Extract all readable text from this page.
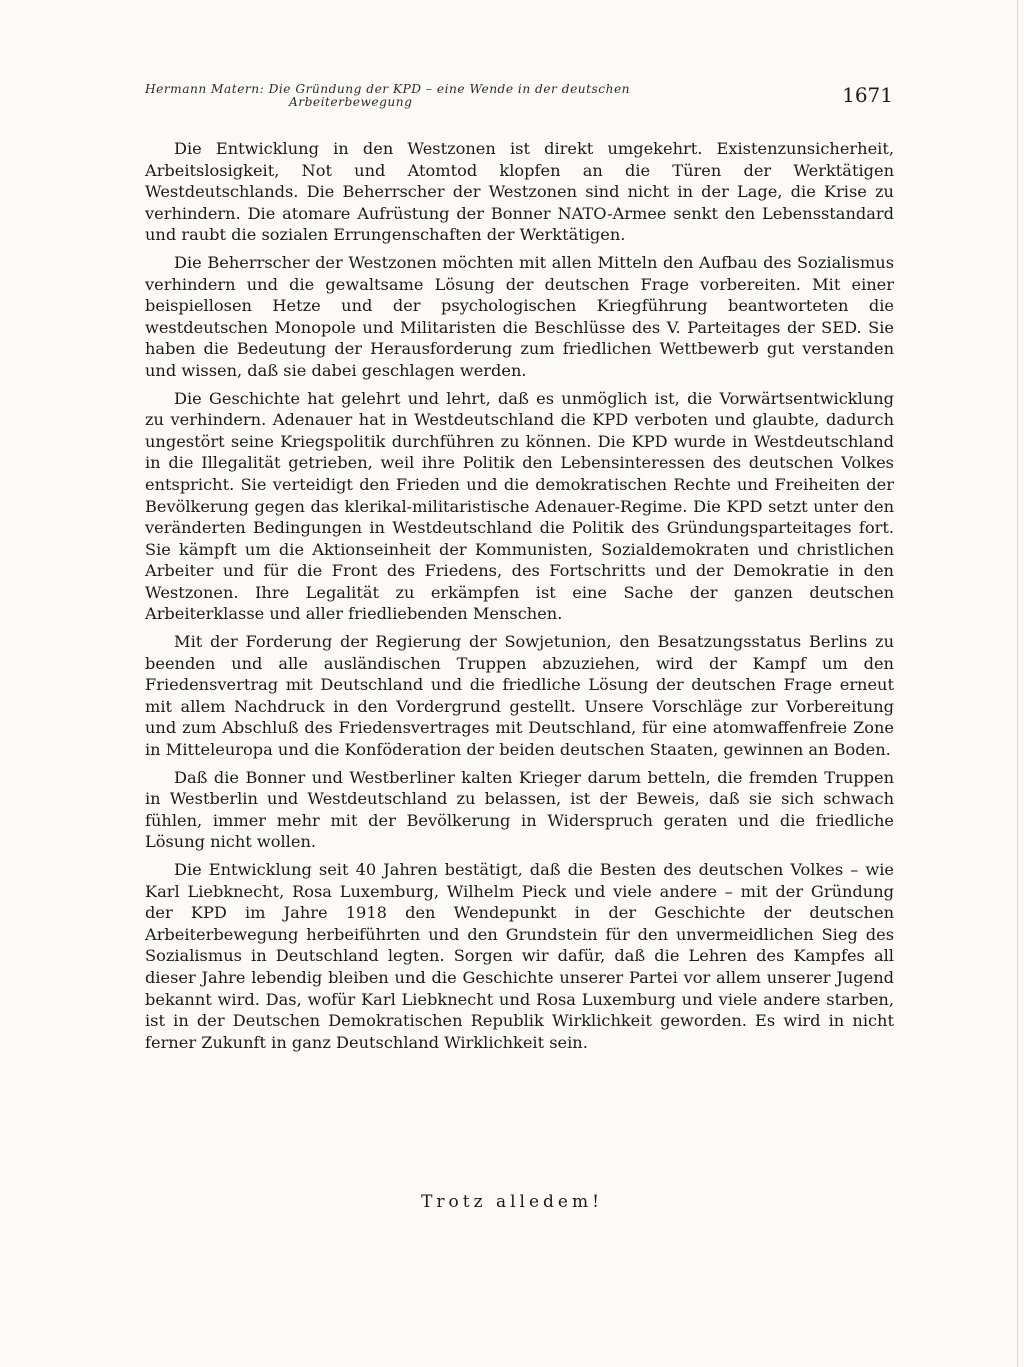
Hermann Matern: Die Gründung der KPD – eine Wende in der deutschen
Arbeiterbewegung	1671

Die Entwicklung in den Westzonen ist direkt umgekehrt. Existenzunsicherheit, Arbeitslosigkeit, Not und Atomtod klopfen an die Türen der Werktätigen Westdeutschlands. Die Beherrscher der Westzonen sind nicht in der Lage, die Krise zu verhindern. Die atomare Aufrüstung der Bonner NATO-Armee senkt den Lebensstandard und raubt die sozialen Errungenschaften der Werktätigen.

Die Beherrscher der Westzonen möchten mit allen Mitteln den Aufbau des Sozialismus verhindern und die gewaltsame Lösung der deutschen Frage vorbereiten. Mit einer beispiellosen Hetze und der psychologischen Kriegführung beantworteten die westdeutschen Monopole und Militaristen die Beschlüsse des V. Parteitages der SED. Sie haben die Bedeutung der Herausforderung zum friedlichen Wettbewerb gut verstanden und wissen, daß sie dabei geschlagen werden.

Die Geschichte hat gelehrt und lehrt, daß es unmöglich ist, die Vorwärtsentwicklung zu verhindern. Adenauer hat in Westdeutschland die KPD verboten und glaubte, dadurch ungestört seine Kriegspolitik durchführen zu können. Die KPD wurde in Westdeutschland in die Illegalität getrieben, weil ihre Politik den Lebensinteressen des deutschen Volkes entspricht. Sie verteidigt den Frieden und die demokratischen Rechte und Freiheiten der Bevölkerung gegen das klerikal-militaristische Adenauer-Regime. Die KPD setzt unter den veränderten Bedingungen in Westdeutschland die Politik des Gründungsparteitages fort. Sie kämpft um die Aktionseinheit der Kommunisten, Sozialdemokraten und christlichen Arbeiter und für die Front des Friedens, des Fortschritts und der Demokratie in den Westzonen. Ihre Legalität zu erkämpfen ist eine Sache der ganzen deutschen Arbeiterklasse und aller friedliebenden Menschen.

Mit der Forderung der Regierung der Sowjetunion, den Besatzungsstatus Berlins zu beenden und alle ausländischen Truppen abzuziehen, wird der Kampf um den Friedensvertrag mit Deutschland und die friedliche Lösung der deutschen Frage erneut mit allem Nachdruck in den Vordergrund gestellt. Unsere Vorschläge zur Vorbereitung und zum Abschluß des Friedensvertrages mit Deutschland, für eine atomwaffenfreie Zone in Mitteleuropa und die Konföderation der beiden deutschen Staaten, gewinnen an Boden.

Daß die Bonner und Westberliner kalten Krieger darum betteln, die fremden Truppen in Westberlin und Westdeutschland zu belassen, ist der Beweis, daß sie sich schwach fühlen, immer mehr mit der Bevölkerung in Widerspruch geraten und die friedliche Lösung nicht wollen.

Die Entwicklung seit 40 Jahren bestätigt, daß die Besten des deutschen Volkes – wie Karl Liebknecht, Rosa Luxemburg, Wilhelm Pieck und viele andere – mit der Gründung der KPD im Jahre 1918 den Wendepunkt in der Geschichte der deutschen Arbeiterbewegung herbeiführten und den Grundstein für den unvermeidlichen Sieg des Sozialismus in Deutschland legten. Sorgen wir dafür, daß die Lehren des Kampfes all dieser Jahre lebendig bleiben und die Geschichte unserer Partei vor allem unserer Jugend bekannt wird. Das, wofür Karl Liebknecht und Rosa Luxemburg und viele andere starben, ist in der Deutschen Demokratischen Republik Wirklichkeit geworden. Es wird in nicht ferner Zukunft in ganz Deutschland Wirklichkeit sein.

Trotz alledem!
